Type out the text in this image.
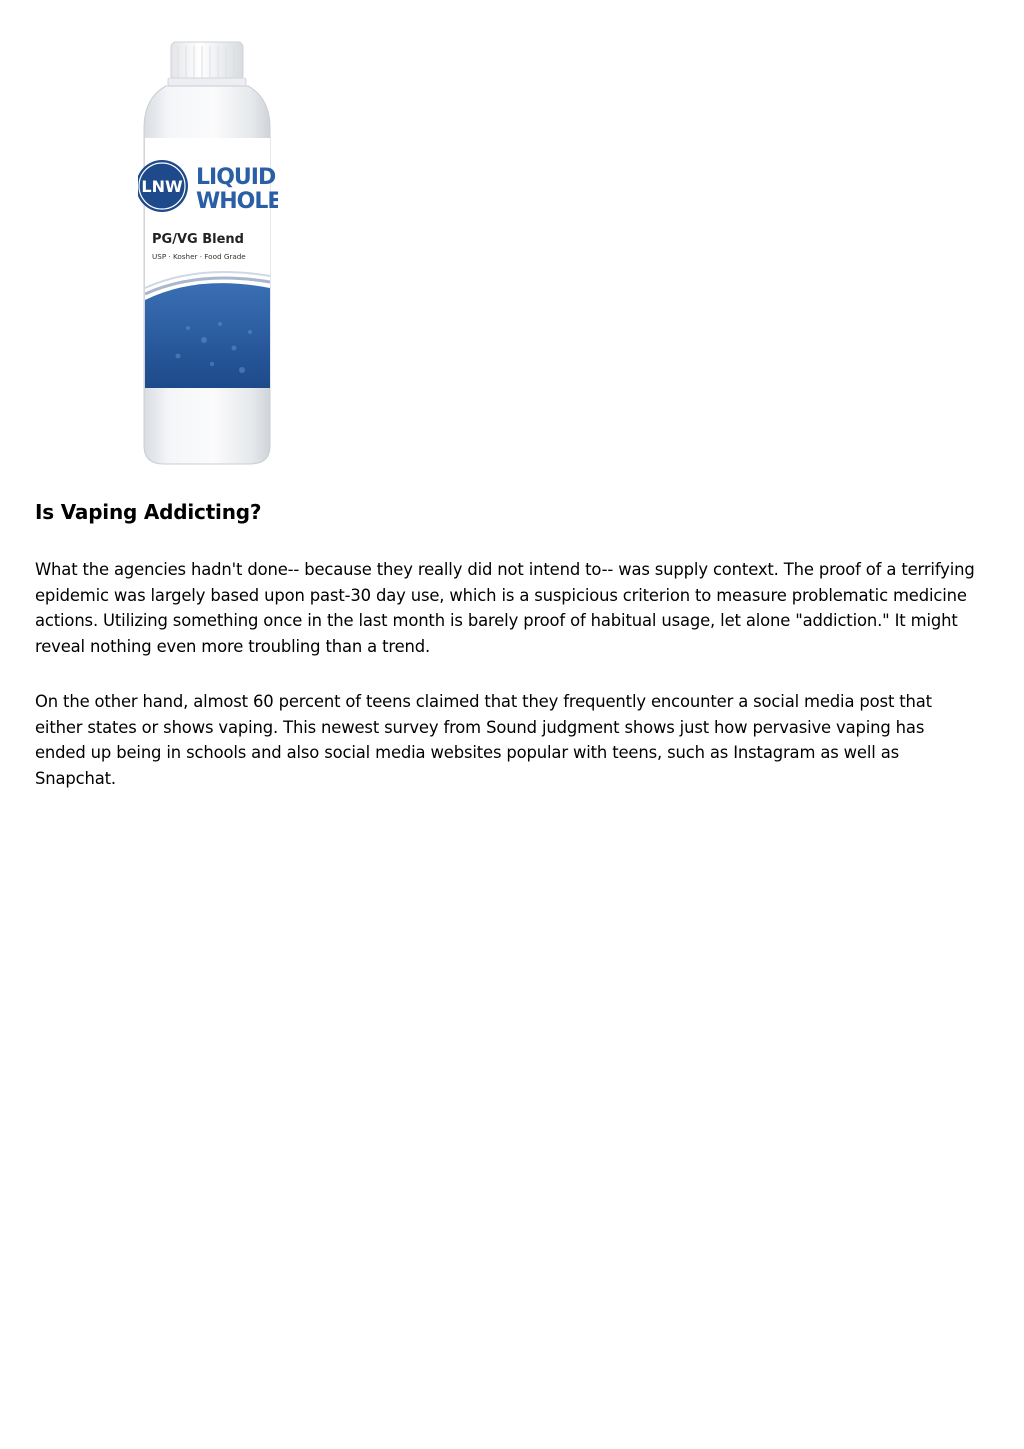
LNW LIQUID
WHOLE
PG/VG Blend
USP · Kosher · Food Grade
Is Vaping Addicting?

What the agencies hadn't done-- because they really did not intend to-- was supply context. The proof of a terrifying epidemic was largely based upon past-30 day use, which is a suspicious criterion to measure problematic medicine actions. Utilizing something once in the last month is barely proof of habitual usage, let alone "addiction." It might reveal nothing even more troubling than a trend.

On the other hand, almost 60 percent of teens claimed that they frequently encounter a social media post that either states or shows vaping. This newest survey from Sound judgment shows just how pervasive vaping has ended up being in schools and also social media websites popular with teens, such as Instagram as well as Snapchat.
